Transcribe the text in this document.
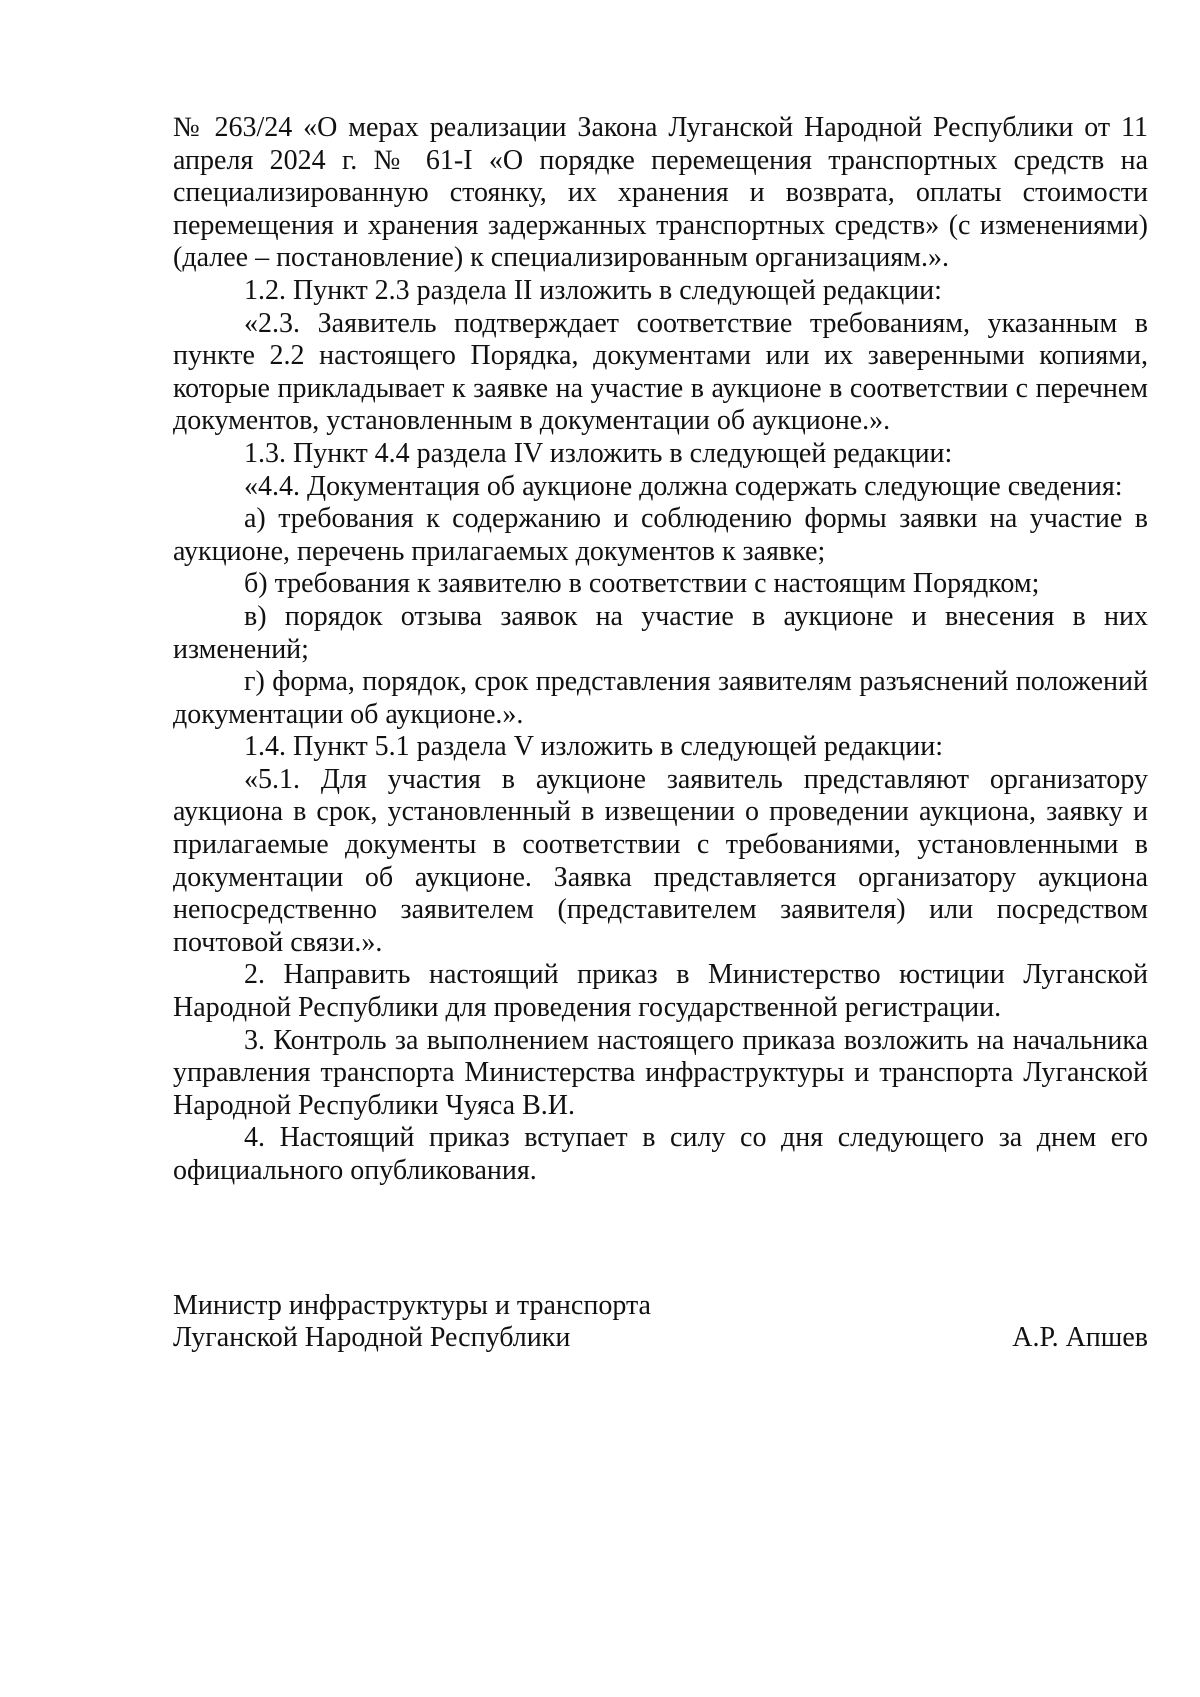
№ 263/24 «О мерах реализации Закона Луганской Народной Республики от 11 апреля 2024 г. № 61-I «О порядке перемещения транспортных средств на специализированную стоянку, их хранения и возврата, оплаты стоимости перемещения и хранения задержанных транспортных средств» (с изменениями) (далее – постановление) к специализированным организациям.».

1.2. Пункт 2.3 раздела II изложить в следующей редакции:

«2.3. Заявитель подтверждает соответствие требованиям, указанным в пункте 2.2 настоящего Порядка, документами или их заверенными копиями, которые прикладывает к заявке на участие в аукционе в соответствии с перечнем документов, установленным в документации об аукционе.».

1.3. Пункт 4.4 раздела IV изложить в следующей редакции:

«4.4. Документация об аукционе должна содержать следующие сведения:

а) требования к содержанию и соблюдению формы заявки на участие в аукционе, перечень прилагаемых документов к заявке;

б) требования к заявителю в соответствии с настоящим Порядком;

в) порядок отзыва заявок на участие в аукционе и внесения в них изменений;

г) форма, порядок, срок представления заявителям разъяснений положений документации об аукционе.».

1.4. Пункт 5.1 раздела V изложить в следующей редакции:

«5.1. Для участия в аукционе заявитель представляют организатору аукциона в срок, установленный в извещении о проведении аукциона, заявку и прилагаемые документы в соответствии с требованиями, установленными в документации об аукционе. Заявка представляется организатору аукциона непосредственно заявителем (представителем заявителя) или посредством почтовой связи.».

2. Направить настоящий приказ в Министерство юстиции Луганской Народной Республики для проведения государственной регистрации.

3. Контроль за выполнением настоящего приказа возложить на начальника управления транспорта Министерства инфраструктуры и транспорта Луганской Народной Республики Чуяса В.И.

4. Настоящий приказ вступает в силу со дня следующего за днем его официального опубликования.

Министр инфраструктуры и транспорта
Луганской Народной Республики	А.Р. Апшев
